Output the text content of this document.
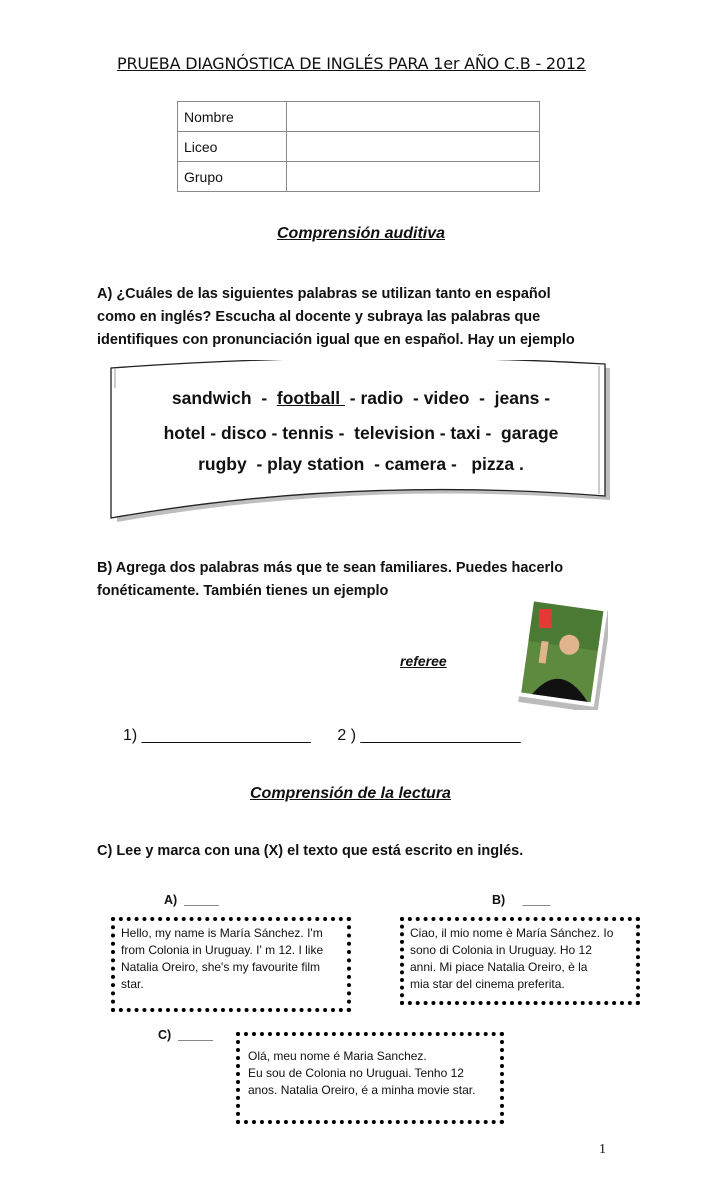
PRUEBA DIAGNÓSTICA DE INGLÉS PARA 1er AÑO C.B - 2012
Nombre	
Liceo	
Grupo	
Comprensión auditiva
A) ¿Cuáles de las siguientes palabras se utilizan tanto en español
como en inglés? Escucha al docente y subraya las palabras que
identifiques con pronunciación igual que en español. Hay un ejemplo
sandwich  -  football  - radio  - video  -  jeans -
hotel - disco - tennis -  television - taxi -  garage
rugby  - play station  - camera -   pizza .
B) Agrega dos palabras más que te sean familiares. Puedes hacerlo
fonéticamente. También tienes un ejemplo
referee
1) ___________________      2 ) __________________
Comprensión de la lectura
C) Lee y marca con una (X) el texto que está escrito en inglés.
A)  _____	B)     ____
Hello, my name is María Sánchez. I'm
from Colonia in Uruguay. I' m 12. I like
Natalia Oreiro, she's my favourite film
star.
Ciao, il mio nome è María Sánchez. Io
sono di Colonia in Uruguay. Ho 12
anni. Mi piace Natalia Oreiro, è la
mia star del cinema preferita.
C)  _____
Olá, meu nome é Maria Sanchez.
Eu sou de Colonia no Uruguai. Tenho 12
anos. Natalia Oreiro, é a minha movie star.
1
